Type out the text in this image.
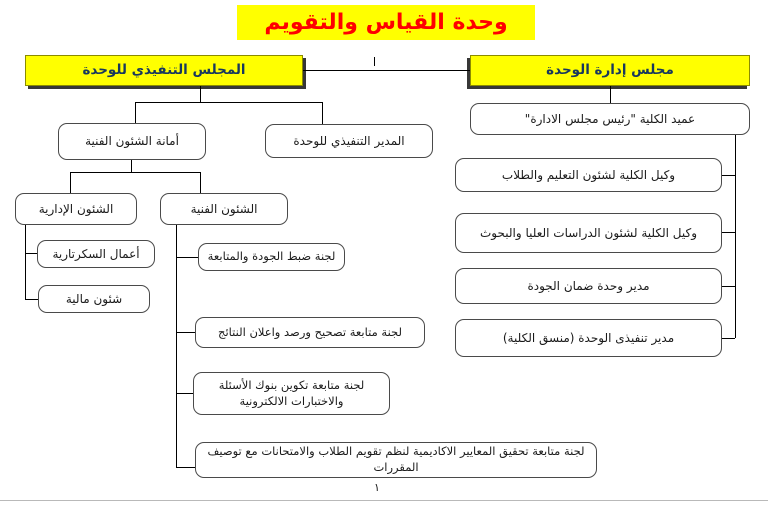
وحدة القياس والتقويم
المجلس التنفيذي للوحدة	مجلس إدارة الوحدة
عميد الكلية "رئيس مجلس الادارة"
وكيل الكلية لشئون التعليم والطلاب
وكيل الكلية لشئون الدراسات العليا والبحوث
مدير وحدة ضمان الجودة
مدير تنفيذى الوحدة (منسق الكلية)
المدير التنفيذي للوحدة
أمانة الشئون الفنية
الشئون الإدارية	الشئون الفنية
أعمال السكرتارية
شئون مالية
لجنة ضبط الجودة والمتابعة
لجنة متابعة تصحيح ورصد واعلان النتائج
لجنة متابعة تكوين بنوك الأسئلة والاختبارات الالكترونية
لجنة متابعة تحقيق المعايير الاكاديمية لنظم تقويم الطلاب والامتحانات مع توصيف المقررات
١
